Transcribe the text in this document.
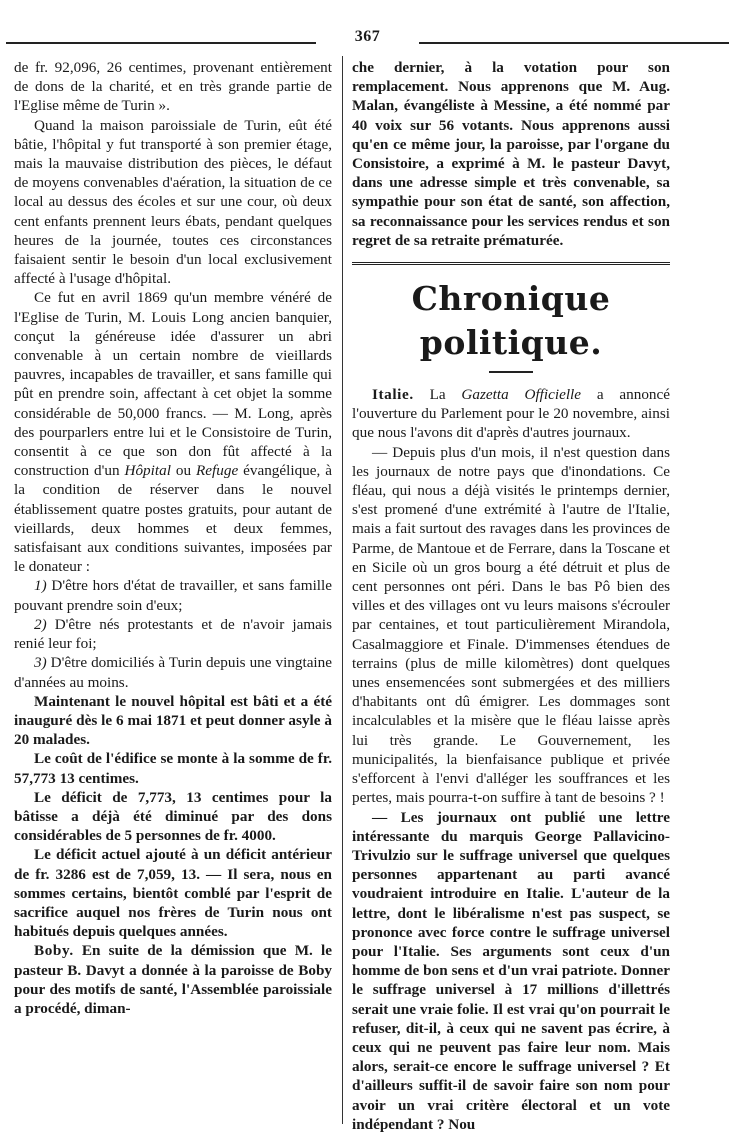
367

de fr. 92,096, 26 centimes, provenant entièrement de dons de la charité, et en très grande partie de l'Eglise même de Turin ».

Quand la maison paroissiale de Turin, eût été bâtie, l'hôpital y fut transporté à son premier étage, mais la mauvaise distribution des pièces, le défaut de moyens convenables d'aération, la situation de ce local au dessus des écoles et sur une cour, où deux cent enfants prennent leurs ébats, pendant quelques heures de la journée, toutes ces circonstances faisaient sentir le besoin d'un local exclusivement affecté à l'usage d'hôpital.

Ce fut en avril 1869 qu'un membre vénéré de l'Eglise de Turin, M. Louis Long ancien banquier, conçut la généreuse idée d'assurer un abri convenable à un certain nombre de vieillards pauvres, incapables de travailler, et sans famille qui pût en prendre soin, affectant à cet objet la somme considérable de 50,000 francs. — M. Long, après des pourparlers entre lui et le Consistoire de Turin, consentit à ce que son don fût affecté à la construction d'un Hôpital ou Refuge évangélique, à la condition de réserver dans le nouvel établissement quatre postes gratuits, pour autant de vieillards, deux hommes et deux femmes, satisfaisant aux conditions suivantes, imposées par le donateur :

1) D'être hors d'état de travailler, et sans famille pouvant prendre soin d'eux;

2) D'être nés protestants et de n'avoir jamais renié leur foi;

3) D'être domiciliés à Turin depuis une vingtaine d'années au moins.

Maintenant le nouvel hôpital est bâti et a été inauguré dès le 6 mai 1871 et peut donner asyle à 20 malades.

Le coût de l'édifice se monte à la somme de fr. 57,773 13 centimes.

Le déficit de 7,773, 13 centimes pour la bâtisse a déjà été diminué par des dons considérables de 5 personnes de fr. 4000.

Le déficit actuel ajouté à un déficit antérieur de fr. 3286 est de 7,059, 13. — Il sera, nous en sommes certains, bientôt comblé par l'esprit de sacrifice auquel nos frères de Turin nous ont habitués depuis quelques années.

Boby. En suite de la démission que M. le pasteur B. Davyt a donnée à la paroisse de Boby pour des motifs de santé, l'Assemblée paroissiale a procédé, diman-

che dernier, à la votation pour son remplacement. Nous apprenons que M. Aug. Malan, évangéliste à Messine, a été nommé par 40 voix sur 56 votants. Nous apprenons aussi qu'en ce même jour, la paroisse, par l'organe du Consistoire, a exprimé à M. le pasteur Davyt, dans une adresse simple et très convenable, sa sympathie pour son état de santé, son affection, sa reconnaissance pour les services rendus et son regret de sa retraite prématurée.

Chronique politique.

Italie. La Gazetta Officielle a annoncé l'ouverture du Parlement pour le 20 novembre, ainsi que nous l'avons dit d'après d'autres journaux.

— Depuis plus d'un mois, il n'est question dans les journaux de notre pays que d'inondations. Ce fléau, qui nous a déjà visités le printemps dernier, s'est promené d'une extrémité à l'autre de l'Italie, mais a fait surtout des ravages dans les provinces de Parme, de Mantoue et de Ferrare, dans la Toscane et en Sicile où un gros bourg a été détruit et plus de cent personnes ont péri. Dans le bas Pô bien des villes et des villages ont vu leurs maisons s'écrouler par centaines, et tout particulièrement Mirandola, Casalmaggiore et Finale. D'immenses étendues de terrains (plus de mille kilomètres) dont quelques unes ensemencées sont submergées et des milliers d'habitants ont dû émigrer. Les dommages sont incalculables et la misère que le fléau laisse après lui très grande. Le Gouvernement, les municipalités, la bienfaisance publique et privée s'efforcent à l'envi d'alléger les souffrances et les pertes, mais pourra-t-on suffire à tant de besoins ? !

— Les journaux ont publié une lettre intéressante du marquis George Pallavicino-Trivulzio sur le suffrage universel que quelques personnes appartenant au parti avancé voudraient introduire en Italie. L'auteur de la lettre, dont le libéralisme n'est pas suspect, se prononce avec force contre le suffrage universel pour l'Italie. Ses arguments sont ceux d'un homme de bon sens et d'un vrai patriote. Donner le suffrage universel à 17 millions d'illettrés serait une vraie folie. Il est vrai qu'on pourrait le refuser, dit-il, à ceux qui ne savent pas écrire, à ceux qui ne peuvent pas faire leur nom. Mais alors, serait-ce encore le suffrage universel ? Et d'ailleurs suffit-il de savoir faire son nom pour avoir un vrai critère électoral et un vote indépendant ? Nou
